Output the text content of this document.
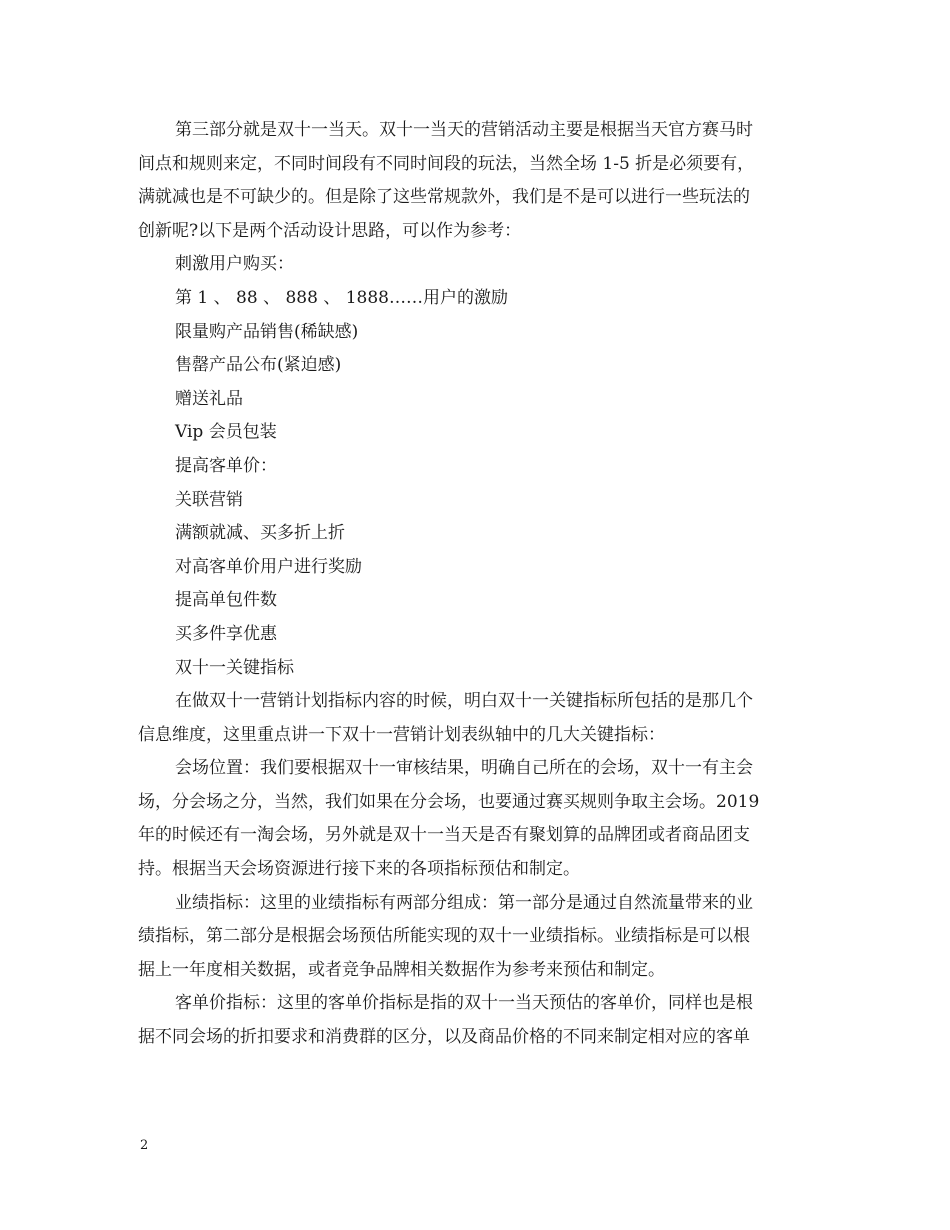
第三部分就是双十一当天。双十一当天的营销活动主要是根据当天官方赛马时
间点和规则来定，不同时间段有不同时间段的玩法，当然全场 1-5 折是必须要有，
满就减也是不可缺少的。但是除了这些常规款外，我们是不是可以进行一些玩法的
创新呢?以下是两个活动设计思路，可以作为参考：
刺激用户购买：
第 1 、 88 、 888 、 1888……用户的激励
限量购产品销售(稀缺感)
售罄产品公布(紧迫感)
赠送礼品
Vip 会员包装
提高客单价：
关联营销
满额就减、买多折上折
对高客单价用户进行奖励
提高单包件数
买多件享优惠
双十一关键指标
在做双十一营销计划指标内容的时候，明白双十一关键指标所包括的是那几个
信息维度，这里重点讲一下双十一营销计划表纵轴中的几大关键指标：
会场位置：我们要根据双十一审核结果，明确自己所在的会场，双十一有主会
场，分会场之分，当然，我们如果在分会场，也要通过赛买规则争取主会场。2019
年的时候还有一淘会场，另外就是双十一当天是否有聚划算的品牌团或者商品团支
持。根据当天会场资源进行接下来的各项指标预估和制定。
业绩指标：这里的业绩指标有两部分组成：第一部分是通过自然流量带来的业
绩指标，第二部分是根据会场预估所能实现的双十一业绩指标。业绩指标是可以根
据上一年度相关数据，或者竞争品牌相关数据作为参考来预估和制定。
客单价指标：这里的客单价指标是指的双十一当天预估的客单价，同样也是根
据不同会场的折扣要求和消费群的区分，以及商品价格的不同来制定相对应的客单
2
